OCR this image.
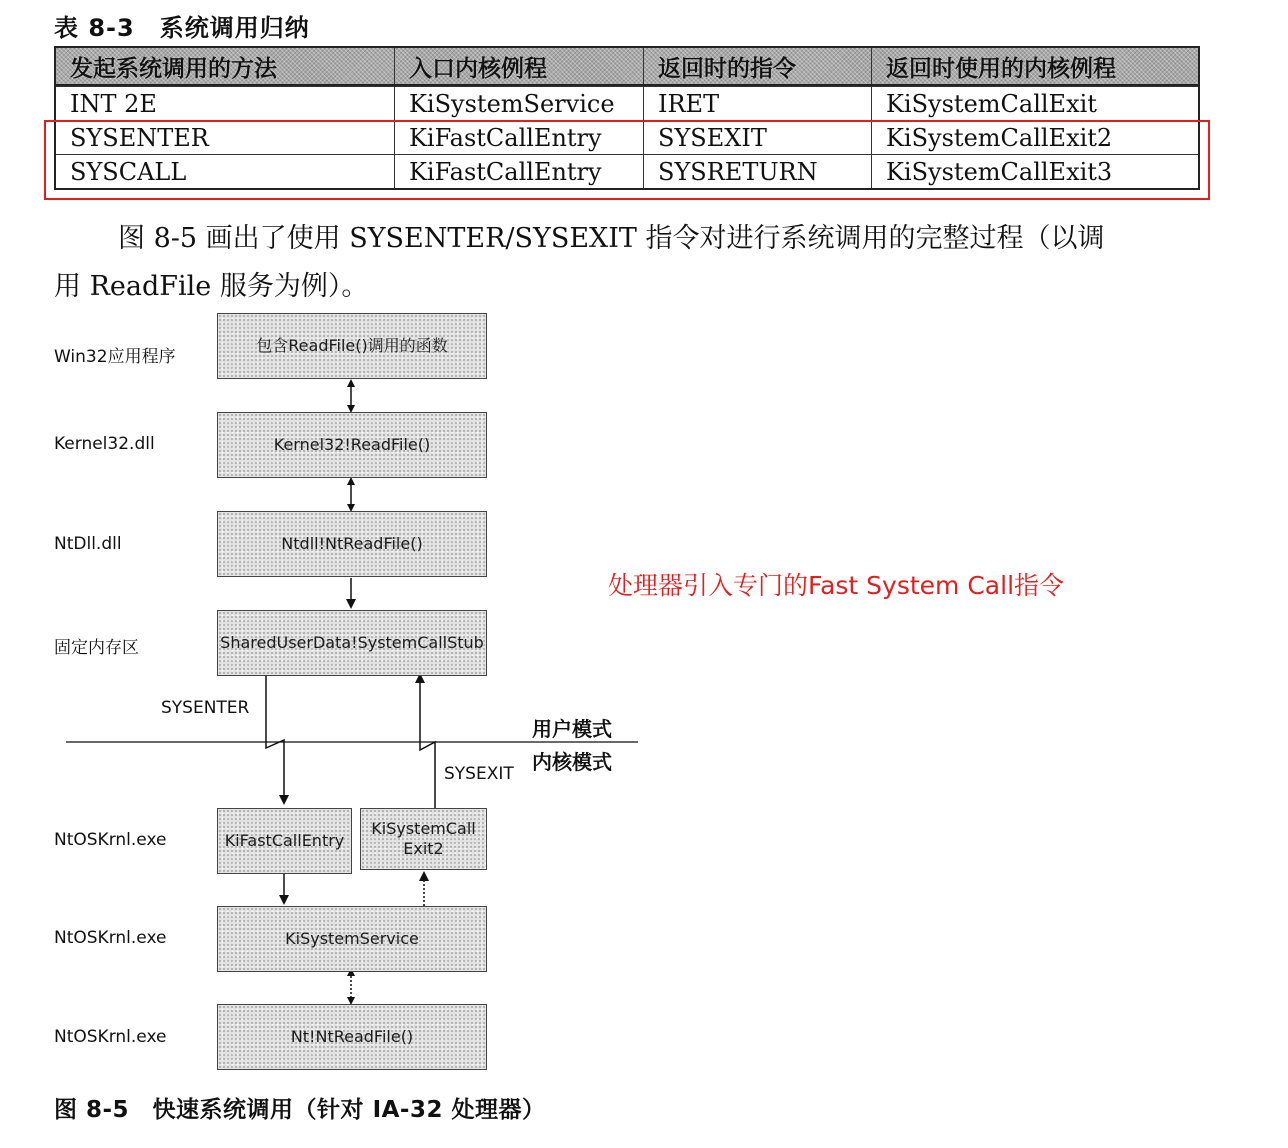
表 8-3　系统调用归纳
发起系统调用的方法	入口内核例程	返回时的指令	返回时使用的内核例程
INT 2E	KiSystemService	IRET	KiSystemCallExit
SYSENTER	KiFastCallEntry	SYSEXIT	KiSystemCallExit2
SYSCALL	KiFastCallEntry	SYSRETURN	KiSystemCallExit3
图 8-5 画出了使用 SYSENTER/SYSEXIT 指令对进行系统调用的完整过程（以调
用 ReadFile 服务为例）。
Win32应用程序
Kernel32.dll
NtDll.dll
固定内存区
NtOSKrnl.exe
NtOSKrnl.exe
NtOSKrnl.exe
包含ReadFile()调用的函数
Kernel32!ReadFile()
Ntdll!NtReadFile()
SharedUserData!SystemCallStub
KiFastCallEntry
KiSystemCall
Exit2
KiSystemService
Nt!NtReadFile()
SYSENTER
SYSEXIT
用户模式
内核模式
处理器引入专门的Fast System Call指令
图 8-5　快速系统调用（针对 IA-32 处理器）
